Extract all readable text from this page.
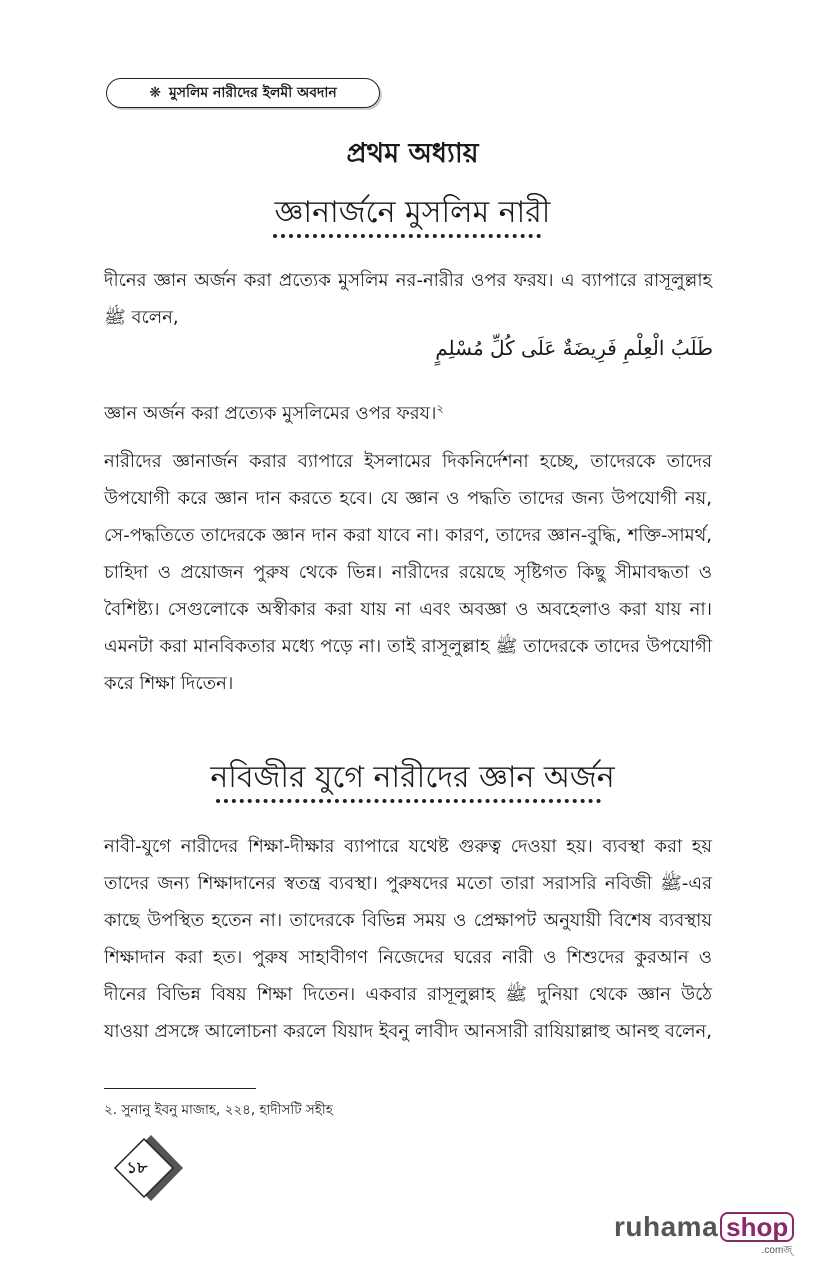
❋ মুসলিম নারীদের ইলমী অবদান
প্রথম অধ্যায়
জ্ঞানার্জনে মুসলিম নারী

দীনের জ্ঞান অর্জন করা প্রত্যেক মুসলিম নর-নারীর ওপর ফরয। এ ব্যাপারে রাসূলুল্লাহ ﷺ বলেন,

طَلَبُ الْعِلْمِ فَرِيضَةٌ عَلَى كُلِّ مُسْلِمٍ

জ্ঞান অর্জন করা প্রত্যেক মুসলিমের ওপর ফরয।$^২$

নারীদের জ্ঞানার্জন করার ব্যাপারে ইসলামের দিকনির্দেশনা হচ্ছে, তাদেরকে তাদের উপযোগী করে জ্ঞান দান করতে হবে। যে জ্ঞান ও পদ্ধতি তাদের জন্য উপযোগী নয়, সে-পদ্ধতিতে তাদেরকে জ্ঞান দান করা যাবে না। কারণ, তাদের জ্ঞান-বুদ্ধি, শক্তি-সামর্থ, চাহিদা ও প্রয়োজন পুরুষ থেকে ভিন্ন। নারীদের রয়েছে সৃষ্টিগত কিছু সীমাবদ্ধতা ও বৈশিষ্ট্য। সেগুলোকে অস্বীকার করা যায় না এবং অবজ্ঞা ও অবহেলাও করা যায় না। এমনটা করা মানবিকতার মধ্যে পড়ে না। তাই রাসূলুল্লাহ ﷺ তাদেরকে তাদের উপযোগী করে শিক্ষা দিতেন।

নবিজীর যুগে নারীদের জ্ঞান অর্জন

নাবী-যুগে নারীদের শিক্ষা-দীক্ষার ব্যাপারে যথেষ্ট গুরুত্ব দেওয়া হয়। ব্যবস্থা করা হয় তাদের জন্য শিক্ষাদানের স্বতন্ত্র ব্যবস্থা। পুরুষদের মতো তারা সরাসরি নবিজী ﷺ-এর কাছে উপস্থিত হতেন না। তাদেরকে বিভিন্ন সময় ও প্রেক্ষাপট অনুযায়ী বিশেষ ব্যবস্থায় শিক্ষাদান করা হত। পুরুষ সাহাবীগণ নিজেদের ঘরের নারী ও শিশুদের কুরআন ও দীনের বিভিন্ন বিষয় শিক্ষা দিতেন। একবার রাসূলুল্লাহ ﷺ দুনিয়া থেকে জ্ঞান উঠে যাওয়া প্রসঙ্গে আলোচনা করলে যিয়াদ ইবনু লাবীদ আনসারী রাযিয়াল্লাহু আনহু বলেন,

২. সুনানু ইবনু মাজাহ, ২২৪, হাদীসটি সহীহ
১৮
ruhama shop
.comজ্
